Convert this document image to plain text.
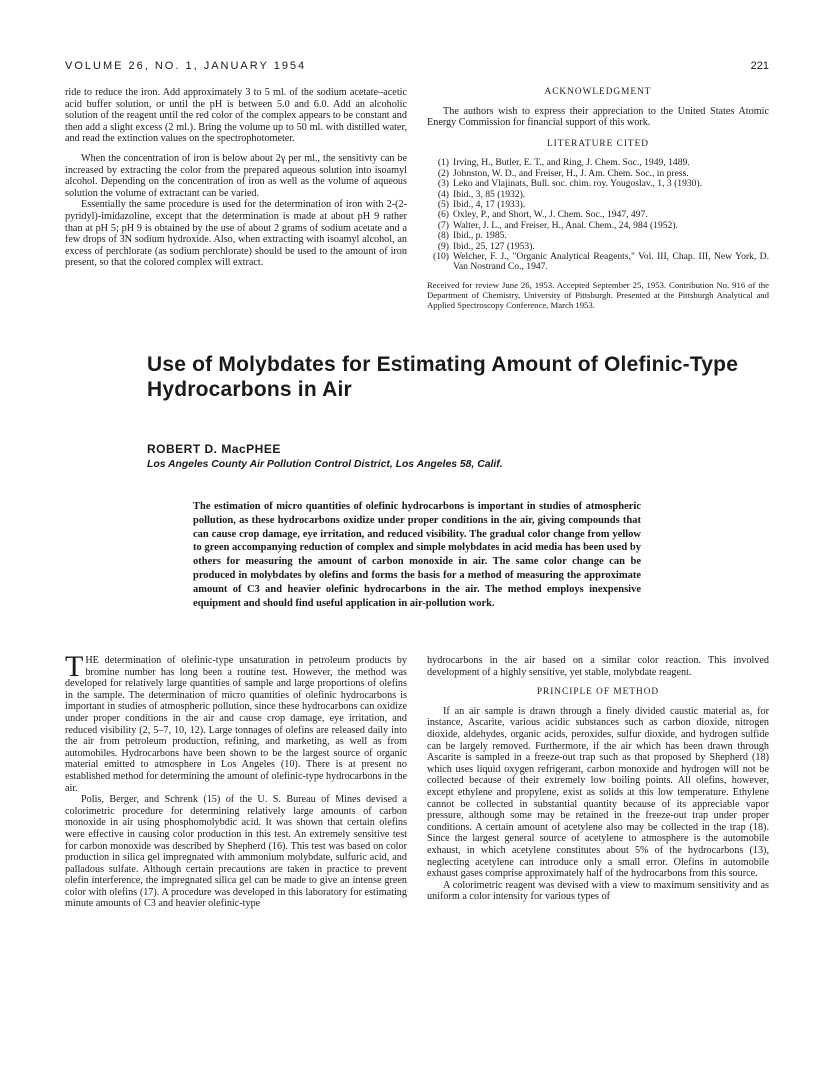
VOLUME 26, NO. 1, JANUARY 1954	221

ride to reduce the iron. Add approximately 3 to 5 ml. of the sodium acetate–acetic acid buffer solution, or until the pH is between 5.0 and 6.0. Add an alcoholic solution of the reagent until the red color of the complex appears to be constant and then add a slight excess (2 ml.). Bring the volume up to 50 ml. with distilled water, and read the extinction values on the spectrophotometer.

When the concentration of iron is below about 2γ per ml., the sensitivty can be increased by extracting the color from the prepared aqueous solution into isoamyl alcohol. Depending on the concentration of iron as well as the volume of aqueous solution the volume of extractant can be varied.

Essentially the same procedure is used for the determination of iron with 2-(2-pyridyl)-imidazoline, except that the determination is made at about pH 9 rather than at pH 5; pH 9 is obtained by the use of about 2 grams of sodium acetate and a few drops of 3N sodium hydroxide. Also, when extracting with isoamyl alcohol, an excess of perchlorate (as sodium perchlorate) should be used to the amount of iron present, so that the colored complex will extract.

ACKNOWLEDGMENT

The authors wish to express their appreciation to the United States Atomic Energy Commission for financial support of this work.

LITERATURE CITED

(1) Irving, H., Butler, E. T., and Ring, J. Chem. Soc., 1949, 1489.
(2) Johnston, W. D., and Freiser, H., J. Am. Chem. Soc., in press.
(3) Leko and Vlajinats, Bull. soc. chim. roy. Yougoslav., 1, 3 (1930).
(4) Ibid., 3, 85 (1932).
(5) Ibid., 4, 17 (1933).
(6) Oxley, P., and Short, W., J. Chem. Soc., 1947, 497.
(7) Walter, J. L., and Freiser, H., Anal. Chem., 24, 984 (1952).
(8) Ibid., p. 1985.
(9) Ibid., 25, 127 (1953).
(10) Welcher, F. J., "Organic Analytical Reagents," Vol. III, Chap. III, New York, D. Van Nostrand Co., 1947.

Received for review June 26, 1953. Accepted September 25, 1953. Contribution No. 916 of the Department of Chemistry, University of Pittsburgh. Presented at the Pittsburgh Analytical and Applied Spectroscopy Conference, March 1953.

Use of Molybdates for Estimating Amount of Olefinic-Type Hydrocarbons in Air

ROBERT D. MacPHEE

Los Angeles County Air Pollution Control District, Los Angeles 58, Calif.

The estimation of micro quantities of olefinic hydrocarbons is important in studies of atmospheric pollution, as these hydrocarbons oxidize under proper conditions in the air, giving compounds that can cause crop damage, eye irritation, and reduced visibility. The gradual color change from yellow to green accompanying reduction of complex and simple molybdates in acid media has been used by others for measuring the amount of carbon monoxide in air. The same color change can be produced in molybdates by olefins and forms the basis for a method of measuring the approximate amount of C3 and heavier olefinic hydrocarbons in the air. The method employs inexpensive equipment and should find useful application in air-pollution work.

THE determination of olefinic-type unsaturation in petroleum products by bromine number has long been a routine test. However, the method was developed for relatively large quantities of sample and large proportions of olefins in the sample. The determination of micro quantities of olefinic hydrocarbons is important in studies of atmospheric pollution, since these hydrocarbons can oxidize under proper conditions in the air and cause crop damage, eye irritation, and reduced visibility (2, 5–7, 10, 12). Large tonnages of olefins are released daily into the air from petroleum production, refining, and marketing, as well as from automobiles. Hydrocarbons have been shown to be the largest source of organic material emitted to atmosphere in Los Angeles (10). There is at present no established method for determining the amount of olefinic-type hydrocarbons in the air.

Polis, Berger, and Schrenk (15) of the U. S. Bureau of Mines devised a colorimetric procedure for determining relatively large amounts of carbon monoxide in air using phosphomolybdic acid. It was shown that certain olefins were effective in causing color production in this test. An extremely sensitive test for carbon monoxide was described by Shepherd (16). This test was based on color production in silica gel impregnated with ammonium molybdate, sulfuric acid, and palladous sulfate. Although certain precautions are taken in practice to prevent olefin interference, the impregnated silica gel can be made to give an intense green color with olefins (17). A procedure was developed in this laboratory for estimating minute amounts of C3 and heavier olefinic-type

hydrocarbons in the air based on a similar color reaction. This involved development of a highly sensitive, yet stable, molybdate reagent.

PRINCIPLE OF METHOD

If an air sample is drawn through a finely divided caustic material as, for instance, Ascarite, various acidic substances such as carbon dioxide, nitrogen dioxide, aldehydes, organic acids, peroxides, sulfur dioxide, and hydrogen sulfide can be largely removed. Furthermore, if the air which has been drawn through Ascarite is sampled in a freeze-out trap such as that proposed by Shepherd (18) which uses liquid oxygen refrigerant, carbon monoxide and hydrogen will not be collected because of their extremely low boiling points. All olefins, however, except ethylene and propylene, exist as solids at this low temperature. Ethylene cannot be collected in substantial quantity because of its appreciable vapor pressure, although some may be retained in the freeze-out trap under proper conditions. A certain amount of acetylene also may be collected in the trap (18). Since the largest general source of acetylene to atmosphere is the automobile exhaust, in which acetylene constitutes about 5% of the hydrocarbons (13), neglecting acetylene can introduce only a small error. Olefins in automobile exhaust gases comprise approximately half of the hydrocarbons from this source.

A colorimetric reagent was devised with a view to maximum sensitivity and as uniform a color intensity for various types of
